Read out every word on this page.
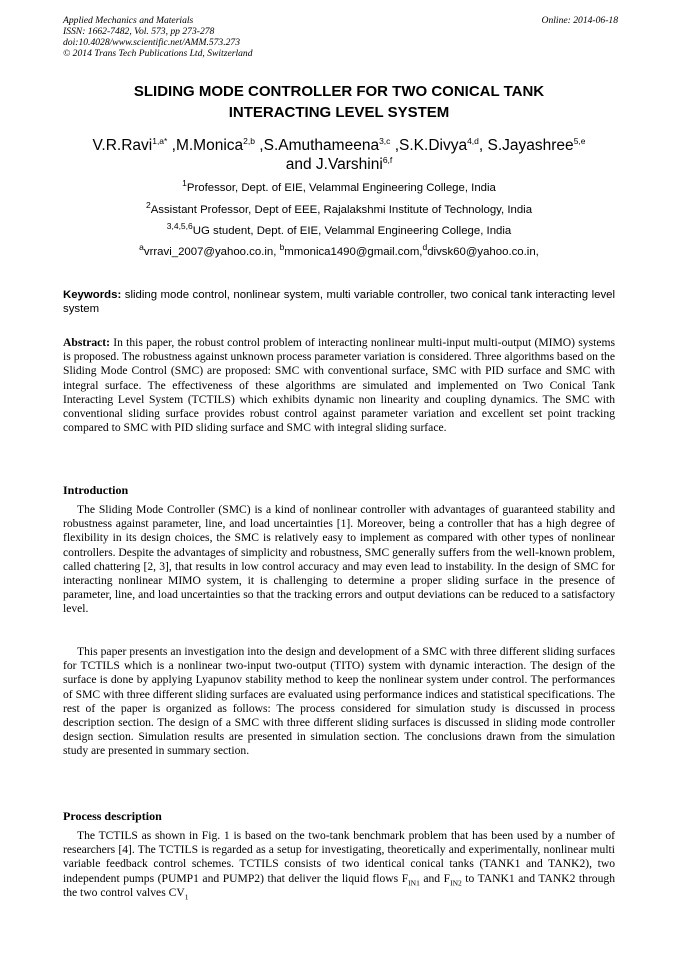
Applied Mechanics and Materials
ISSN: 1662-7482, Vol. 573, pp 273-278
doi:10.4028/www.scientific.net/AMM.573.273
© 2014 Trans Tech Publications Ltd, Switzerland
Online: 2014-06-18
SLIDING MODE CONTROLLER FOR TWO CONICAL TANK
INTERACTING LEVEL SYSTEM
V.R.Ravi$^{1,a*}$ ,M.Monica$^{2,b}$ ,S.Amuthameena$^{3,c}$ ,S.K.Divya$^{4,d}$, S.Jayashree$^{5,e}$
and J.Varshini$^{6,f}$
$^1$Professor, Dept. of EIE, Velammal Engineering College, India
$^2$Assistant Professor, Dept of EEE, Rajalakshmi Institute of Technology, India
$^{3,4,5,6}$UG student, Dept. of EIE, Velammal Engineering College, India
$^a$vrravi_2007@yahoo.co.in, $^b$mmonica1490@gmail.com,$^d$divsk60@yahoo.co.in,
Keywords: sliding mode control, nonlinear system, multi variable controller, two conical tank interacting level system
Abstract: In this paper, the robust control problem of interacting nonlinear multi-input multi-output (MIMO) systems is proposed. The robustness against unknown process parameter variation is considered. Three algorithms based on the Sliding Mode Control (SMC) are proposed: SMC with conventional surface, SMC with PID surface and SMC with integral surface. The effectiveness of these algorithms are simulated and implemented on Two Conical Tank Interacting Level System (TCTILS) which exhibits dynamic non linearity and coupling dynamics. The SMC with conventional sliding surface provides robust control against parameter variation and excellent set point tracking compared to SMC with PID sliding surface and SMC with integral sliding surface.
Introduction

The Sliding Mode Controller (SMC) is a kind of nonlinear controller with advantages of guaranteed stability and robustness against parameter, line, and load uncertainties [1]. Moreover, being a controller that has a high degree of flexibility in its design choices, the SMC is relatively easy to implement as compared with other types of nonlinear controllers. Despite the advantages of simplicity and robustness, SMC generally suffers from the well-known problem, called chattering [2, 3], that results in low control accuracy and may even lead to instability. In the design of SMC for interacting nonlinear MIMO system, it is challenging to determine a proper sliding surface in the presence of parameter, line, and load uncertainties so that the tracking errors and output deviations can be reduced to a satisfactory level.

This paper presents an investigation into the design and development of a SMC with three different sliding surfaces for TCTILS which is a nonlinear two-input two-output (TITO) system with dynamic interaction. The design of the surface is done by applying Lyapunov stability method to keep the nonlinear system under control. The performances of SMC with three different sliding surfaces are evaluated using performance indices and statistical specifications. The rest of the paper is organized as follows: The process considered for simulation study is discussed in process description section. The design of a SMC with three different sliding surfaces is discussed in sliding mode controller design section. Simulation results are presented in simulation section. The conclusions drawn from the simulation study are presented in summary section.

Process description

The TCTILS as shown in Fig. 1 is based on the two-tank benchmark problem that has been used by a number of researchers [4]. The TCTILS is regarded as a setup for investigating, theoretically and experimentally, nonlinear multi variable feedback control schemes. TCTILS consists of two identical conical tanks (TANK1 and TANK2), two independent pumps (PUMP1 and PUMP2) that deliver the liquid flows $F_{IN1}$ and $F_{IN2}$ to TANK1 and TANK2 through the two control valves $CV_1$
